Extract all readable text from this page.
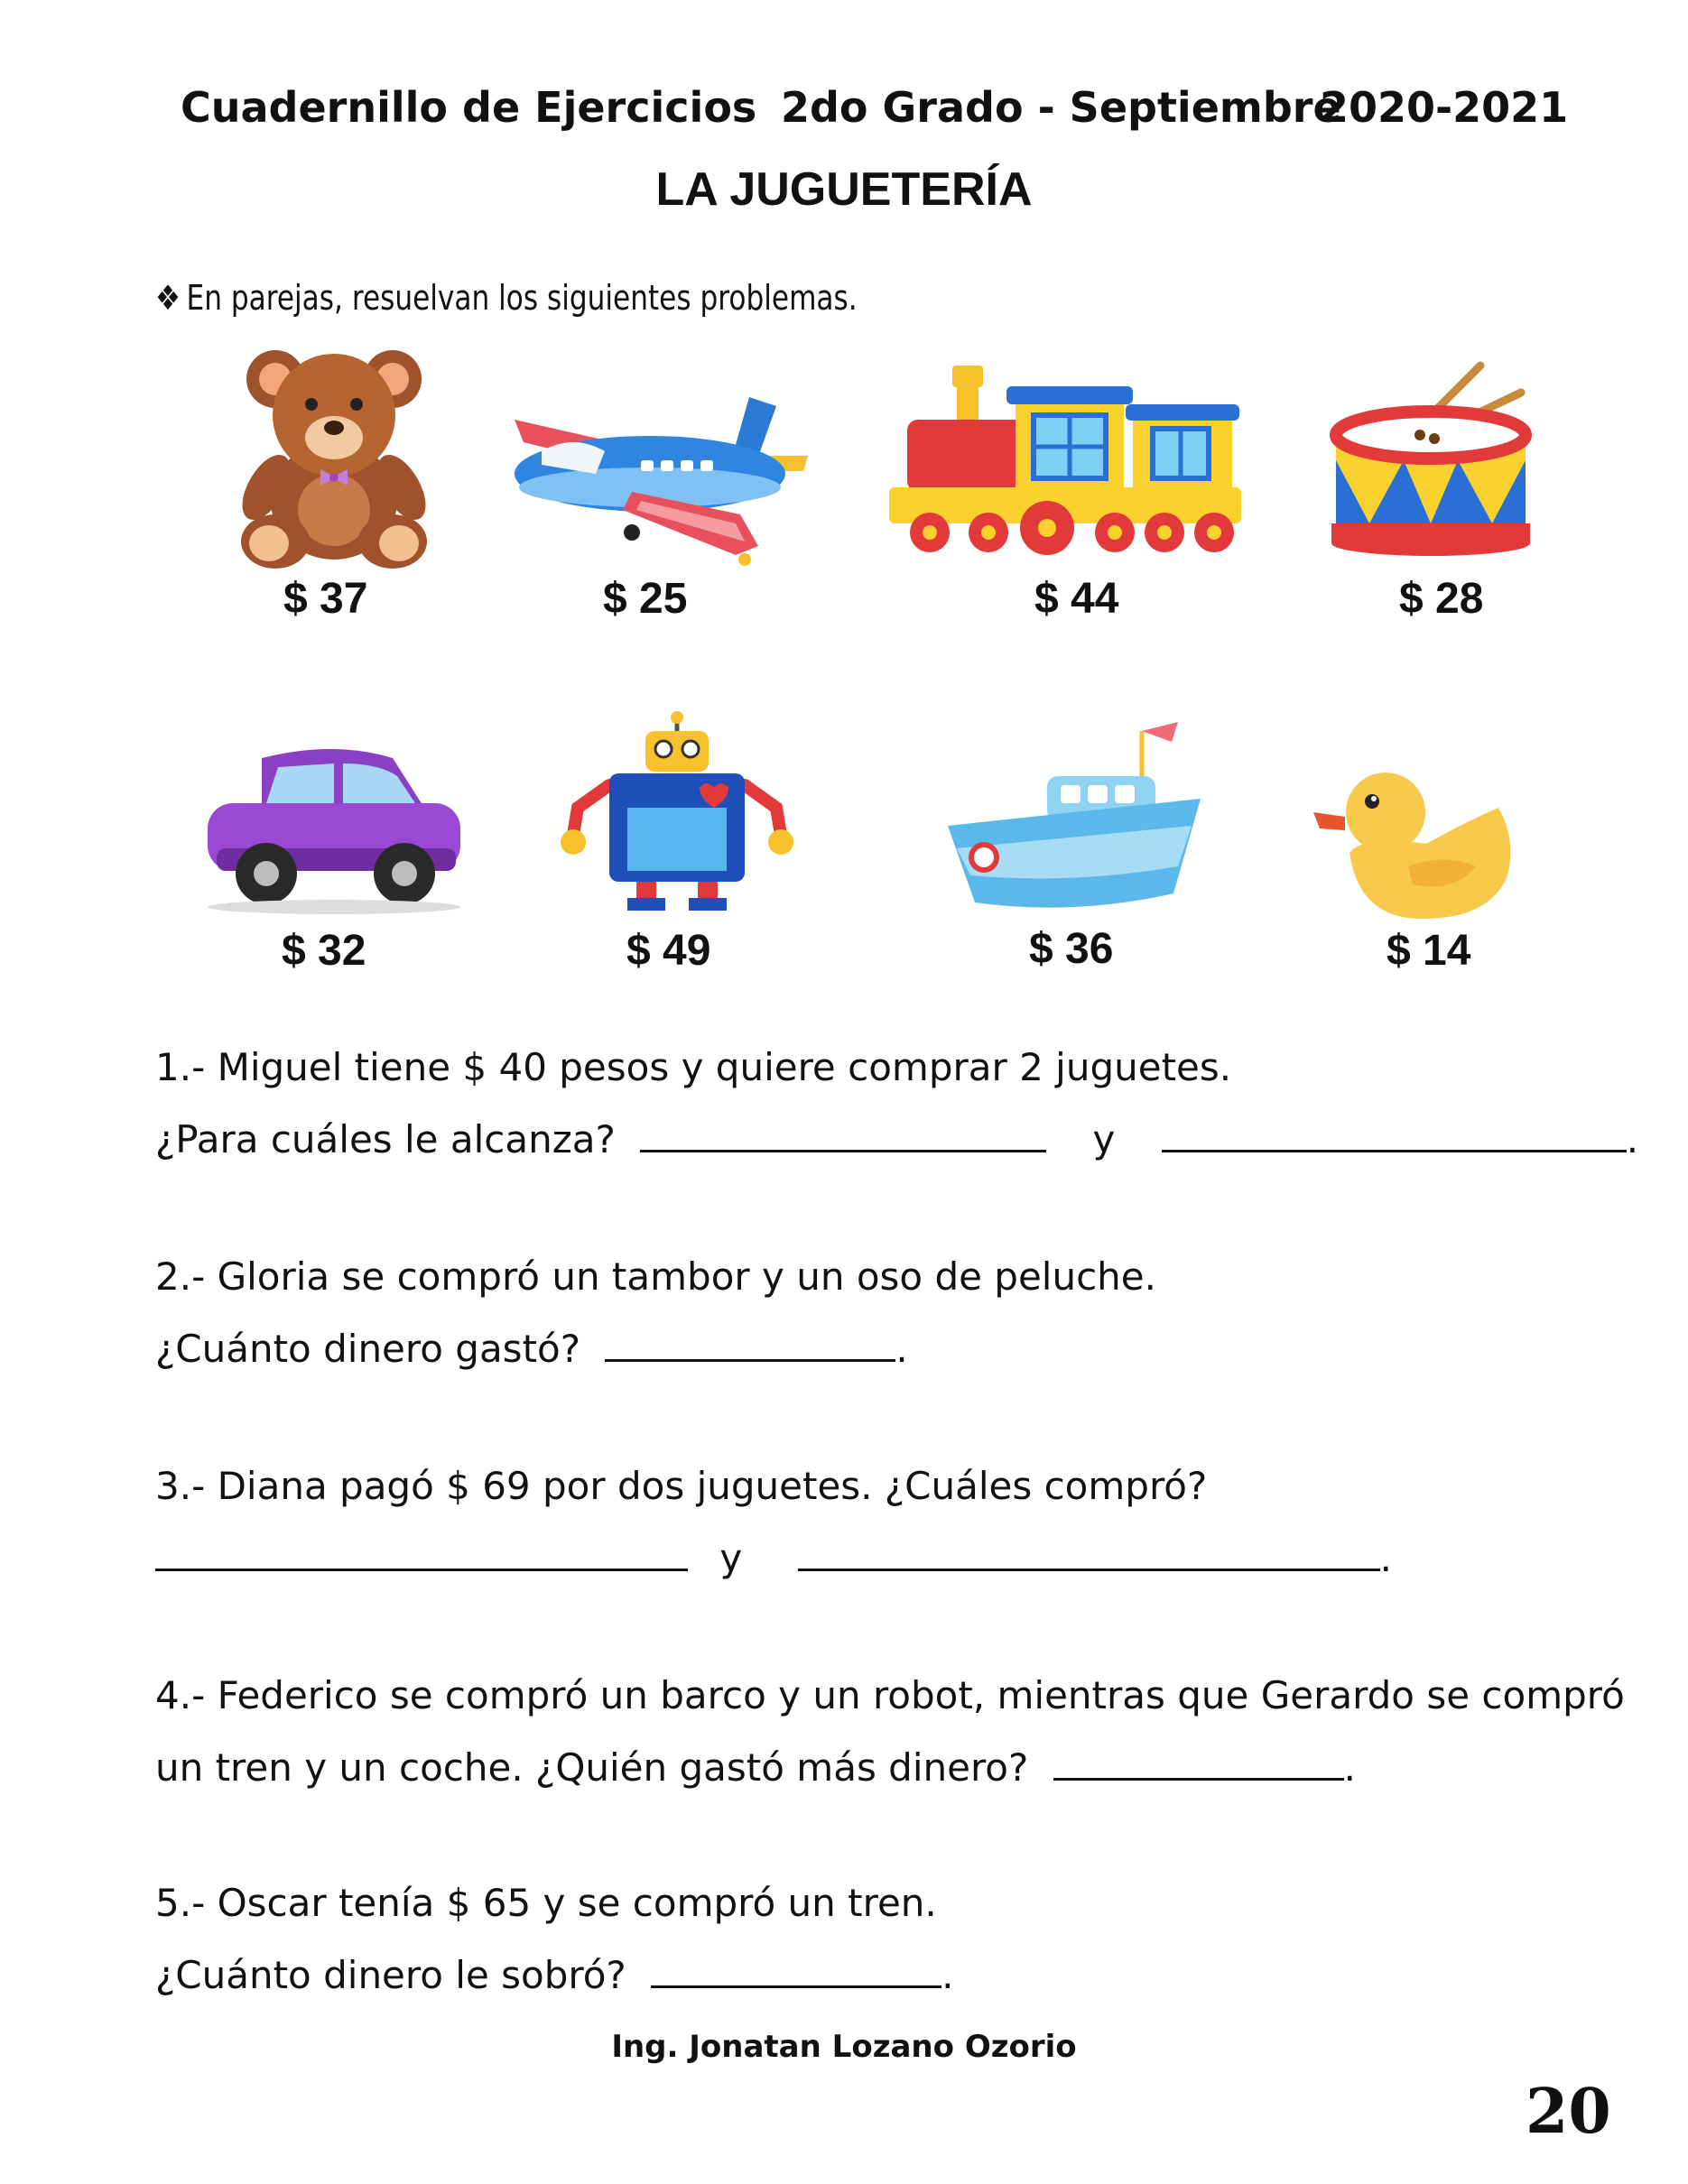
Cuadernillo de Ejercicios 2do Grado - Septiembre
2020-2021
LA JUGUETERÍA
❖ En parejas, resuelvan los siguientes problemas.
$ 37	$ 25	$ 44	$ 28
$ 32	$ 49	$ 36	$ 14
1.- Miguel tiene $ 40 pesos y quiere comprar 2 juguetes.
¿Para cuáles le alcanza?	y	.
2.- Gloria se compró un tambor y un oso de peluche.
¿Cuánto dinero gastó?	.
3.- Diana pagó $ 69 por dos juguetes. ¿Cuáles compró?
y	.
4.- Federico se compró un barco y un robot, mientras que Gerardo se compró
un tren y un coche. ¿Quién gastó más dinero?	.
5.- Oscar tenía $ 65 y se compró un tren.
¿Cuánto dinero le sobró?	.
Ing. Jonatan Lozano Ozorio
20
